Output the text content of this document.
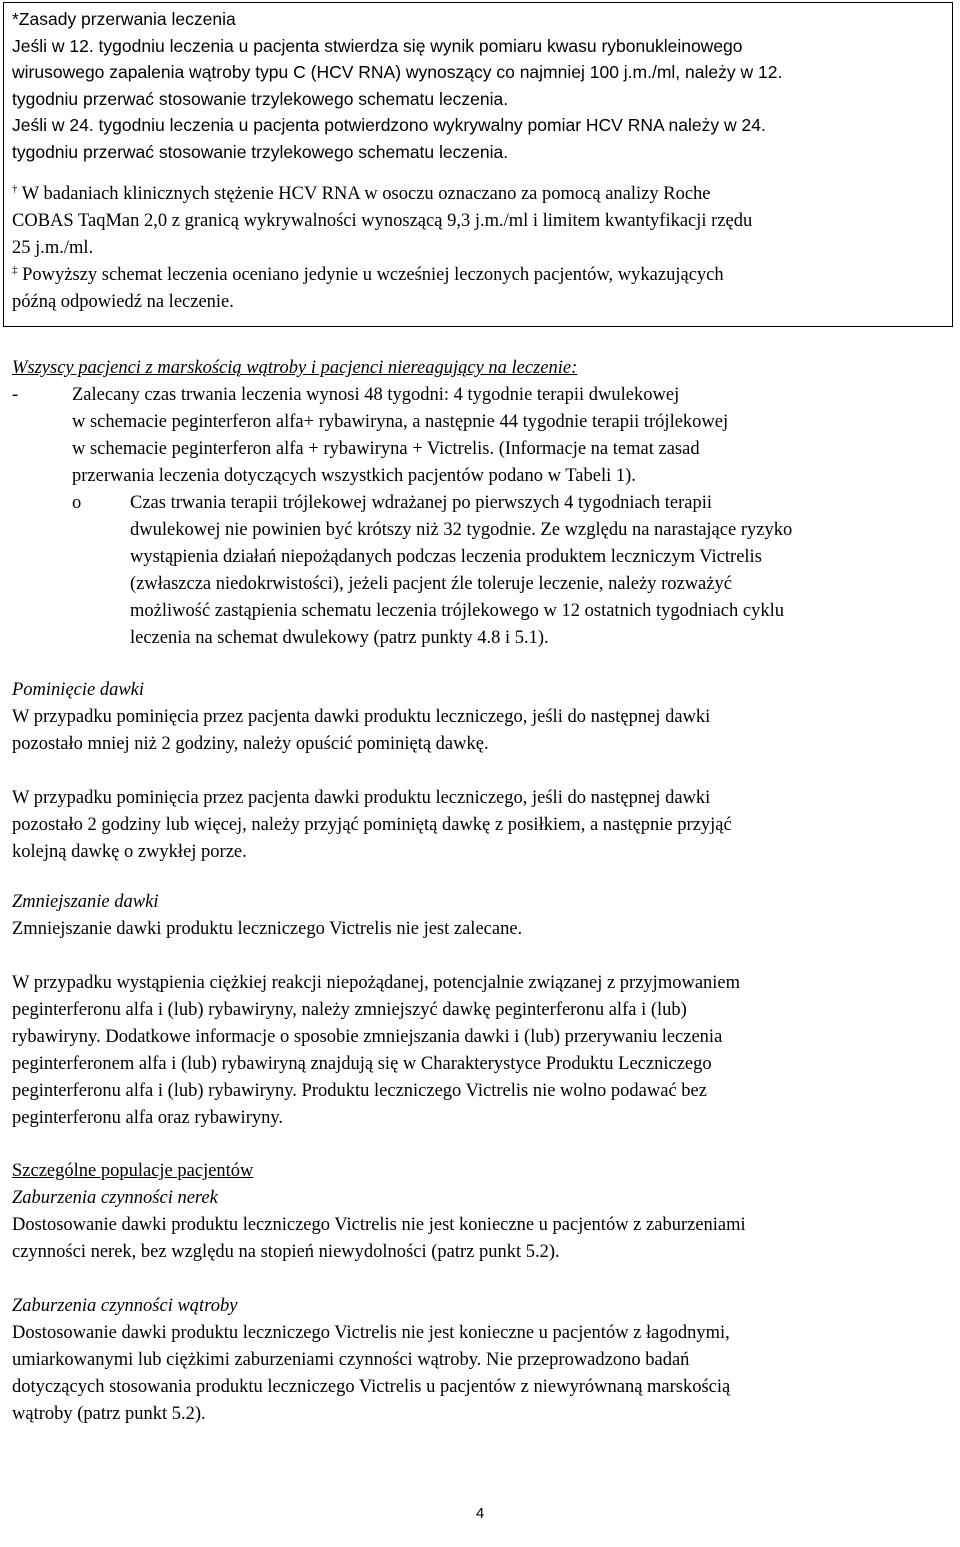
*Zasady przerwania leczenia
Jeśli w 12. tygodniu leczenia u pacjenta stwierdza się wynik pomiaru kwasu rybonukleinowego
wirusowego zapalenia wątroby typu C (HCV RNA) wynoszący co najmniej 100 j.m./ml, należy w 12.
tygodniu przerwać stosowanie trzylekowego schematu leczenia.
Jeśli w 24. tygodniu leczenia u pacjenta potwierdzono wykrywalny pomiar HCV RNA należy w 24.
tygodniu przerwać stosowanie trzylekowego schematu leczenia.
† W badaniach klinicznych stężenie HCV RNA w osoczu oznaczano za pomocą analizy Roche
COBAS TaqMan 2,0 z granicą wykrywalności wynoszącą 9,3 j.m./ml i limitem kwantyfikacji rzędu
25 j.m./ml.
‡ Powyższy schemat leczenia oceniano jedynie u wcześniej leczonych pacjentów, wykazujących
późną odpowiedź na leczenie.
Wszyscy pacjenci z marskością wątroby i pacjenci niereagujący na leczenie:
-	Zalecany czas trwania leczenia wynosi 48 tygodni: 4 tygodnie terapii dwulekowej
w schemacie peginterferon alfa+ rybawiryna, a następnie 44 tygodnie terapii trójlekowej
w schemacie peginterferon alfa + rybawiryna + Victrelis. (Informacje na temat zasad
przerwania leczenia dotyczących wszystkich pacjentów podano w Tabeli 1).
o	Czas trwania terapii trójlekowej wdrażanej po pierwszych 4 tygodniach terapii
dwulekowej nie powinien być krótszy niż 32 tygodnie. Ze względu na narastające ryzyko
wystąpienia działań niepożądanych podczas leczenia produktem leczniczym Victrelis
(zwłaszcza niedokrwistości), jeżeli pacjent źle toleruje leczenie, należy rozważyć
możliwość zastąpienia schematu leczenia trójlekowego w 12 ostatnich tygodniach cyklu
leczenia na schemat dwulekowy (patrz punkty 4.8 i 5.1).
Pominięcie dawki
W przypadku pominięcia przez pacjenta dawki produktu leczniczego, jeśli do następnej dawki
pozostało mniej niż 2 godziny, należy opuścić pominiętą dawkę.
W przypadku pominięcia przez pacjenta dawki produktu leczniczego, jeśli do następnej dawki
pozostało 2 godziny lub więcej, należy przyjąć pominiętą dawkę z posiłkiem, a następnie przyjąć
kolejną dawkę o zwykłej porze.
Zmniejszanie dawki
Zmniejszanie dawki produktu leczniczego Victrelis nie jest zalecane.
W przypadku wystąpienia ciężkiej reakcji niepożądanej, potencjalnie związanej z przyjmowaniem
peginterferonu alfa i (lub) rybawiryny, należy zmniejszyć dawkę peginterferonu alfa i (lub)
rybawiryny. Dodatkowe informacje o sposobie zmniejszania dawki i (lub) przerywaniu leczenia
peginterferonem alfa i (lub) rybawiryną znajdują się w Charakterystyce Produktu Leczniczego
peginterferonu alfa i (lub) rybawiryny. Produktu leczniczego Victrelis nie wolno podawać bez
peginterferonu alfa oraz rybawiryny.
Szczególne populacje pacjentów
Zaburzenia czynności nerek
Dostosowanie dawki produktu leczniczego Victrelis nie jest konieczne u pacjentów z zaburzeniami
czynności nerek, bez względu na stopień niewydolności (patrz punkt 5.2).
Zaburzenia czynności wątroby
Dostosowanie dawki produktu leczniczego Victrelis nie jest konieczne u pacjentów z łagodnymi,
umiarkowanymi lub ciężkimi zaburzeniami czynności wątroby. Nie przeprowadzono badań
dotyczących stosowania produktu leczniczego Victrelis u pacjentów z niewyrównaną marskością
wątroby (patrz punkt 5.2).
4
